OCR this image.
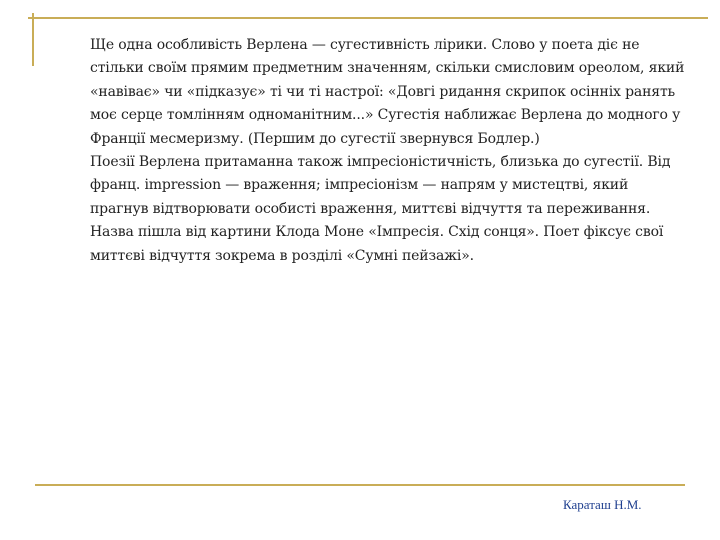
Ще одна особливість Верлена — сугестивність лірики. Слово у поета діє не стільки своїм прямим предметним значенням, скільки смисловим ореолом, який «навіває» чи «підказує» ті чи ті настрої: «Довгі ридання скрипок осінніх ранять моє серце томлінням одноманітним...» Сугестія наближає Верлена до модного у Франції месмеризму. (Першим до сугестії звернувся Бодлер.)

Поезії Верлена притаманна також імпресіоністичність, близька до сугестії. Від франц. impression — враження; імпресіонізм — напрям у мистецтві, який прагнув відтворювати особисті враження, миттєві відчуття та переживання. Назва пішла від картини Клода Моне «Імпресія. Схід сонця». Поет фіксує свої миттєві відчуття зокрема в розділі «Сумні пейзажі».

Караташ Н.М.
